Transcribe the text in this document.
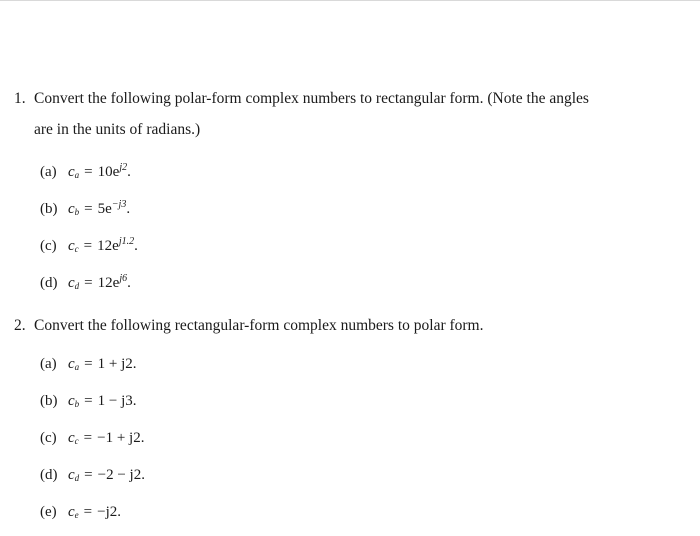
1. Convert the following polar-form complex numbers to rectangular form. (Note the angles
are in the units of radians.)
(a) $c_a = 10e^{j2}$.
(b) $c_b = 5e^{-j3}$.
(c) $c_c = 12e^{j1.2}$.
(d) $c_d = 12e^{j6}$.
2. Convert the following rectangular-form complex numbers to polar form.
(a) $c_a = 1 + j2$.
(b) $c_b = 1 - j3$.
(c) $c_c = -1 + j2$.
(d) $c_d = -2 - j2$.
(e) $c_e = -j2$.
